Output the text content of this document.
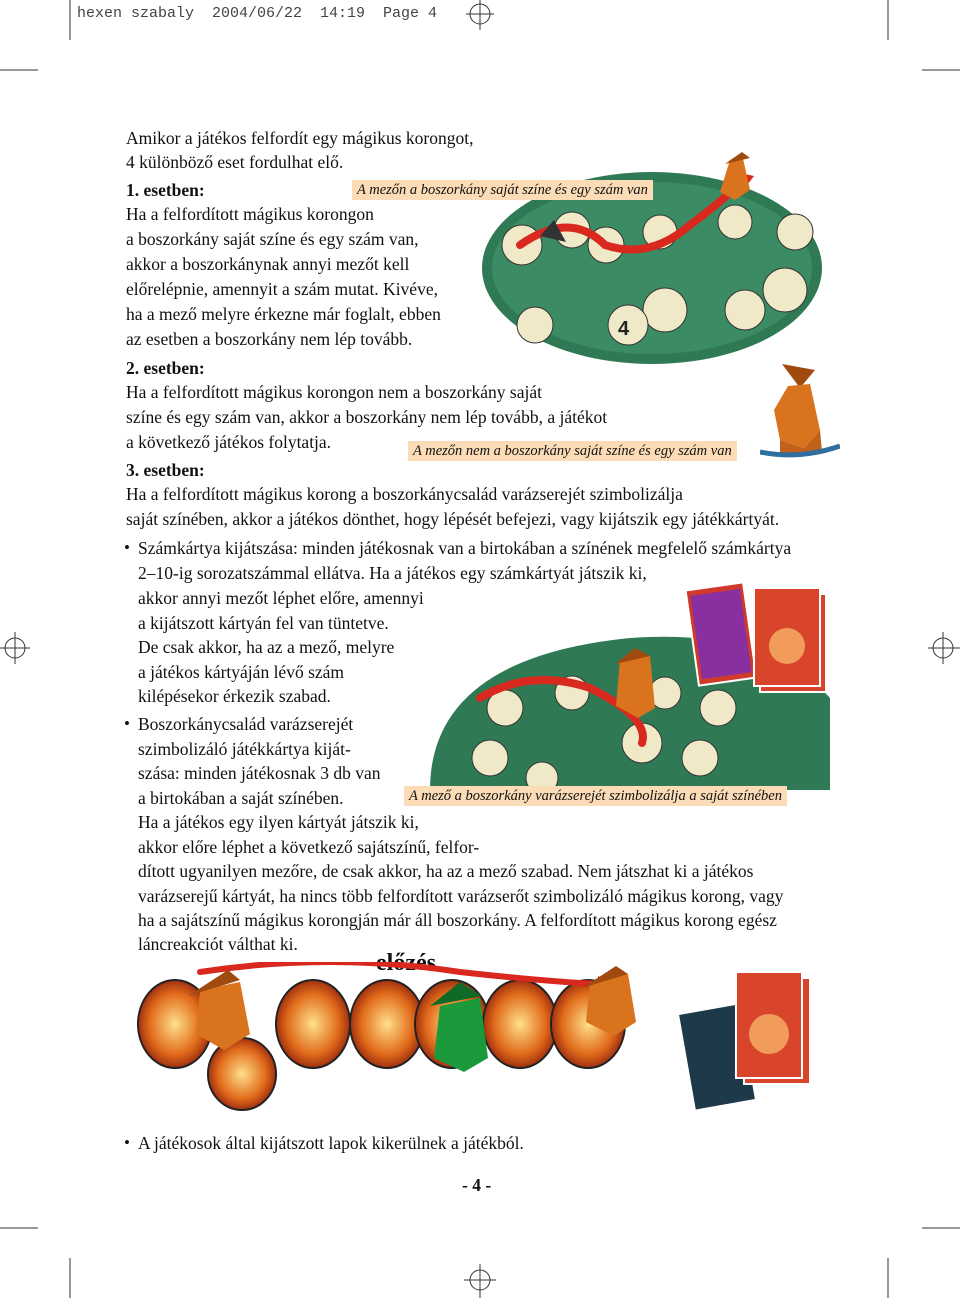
hexen szabaly  2004/06/22  14:19  Page 4
4
A mezőn a boszorkány saját színe és egy szám van
Amikor a játékos felfordít egy mágikus korongot,
4 különböző eset fordulhat elő.
1. esetben:
Ha a felfordított mágikus korongon
a boszorkány saját színe és egy szám van,
akkor a boszorkánynak annyi mezőt kell
előrelépnie, amennyit a szám mutat. Kivéve,
ha a mező melyre érkezne már foglalt, ebben
az esetben a boszorkány nem lép tovább.
2. esetben:
Ha a felfordított mágikus korongon nem a boszorkány saját
színe és egy szám van, akkor a boszorkány nem lép tovább, a játékot
a következő játékos folytatja.	A mezőn nem a boszorkány saját színe és egy szám van
3. esetben:
Ha a felfordított mágikus korong a boszorkánycsalád varázserejét szimbolizálja
saját színében, akkor a játékos dönthet, hogy lépését befejezi, vagy kijátszik egy játékkártyát.
• Számkártya kijátszása: minden játékosnak van a birtokában a színének megfelelő számkártya
2–10-ig sorozatszámmal ellátva. Ha a játékos egy számkártyát játszik ki,
akkor annyi mezőt léphet előre, amennyi
a kijátszott kártyán fel van tüntetve.
De csak akkor, ha az a mező, melyre
a játékos kártyáján lévő szám
kilépésekor érkezik szabad.
• Boszorkánycsalád varázserejét
szimbolizáló játékkártya kiját-
szása: minden játékosnak 3 db van
a birtokában a saját színében.	A mező a boszorkány varázserejét szimbolizálja a saját színében
Ha a játékos egy ilyen kártyát játszik ki,
akkor előre léphet a következő sajátszínű, felfor-
dított ugyanilyen mezőre, de csak akkor, ha az a mező szabad. Nem játszhat ki a játékos
varázserejű kártyát, ha nincs több felfordított varázserőt szimbolizáló mágikus korong, vagy
ha a sajátszínű mágikus korongján már áll boszorkány. A felfordított mágikus korong egész
láncreakciót válthat ki.
előzés
• A játékosok által kijátszott lapok kikerülnek a játékból.
- 4 -
